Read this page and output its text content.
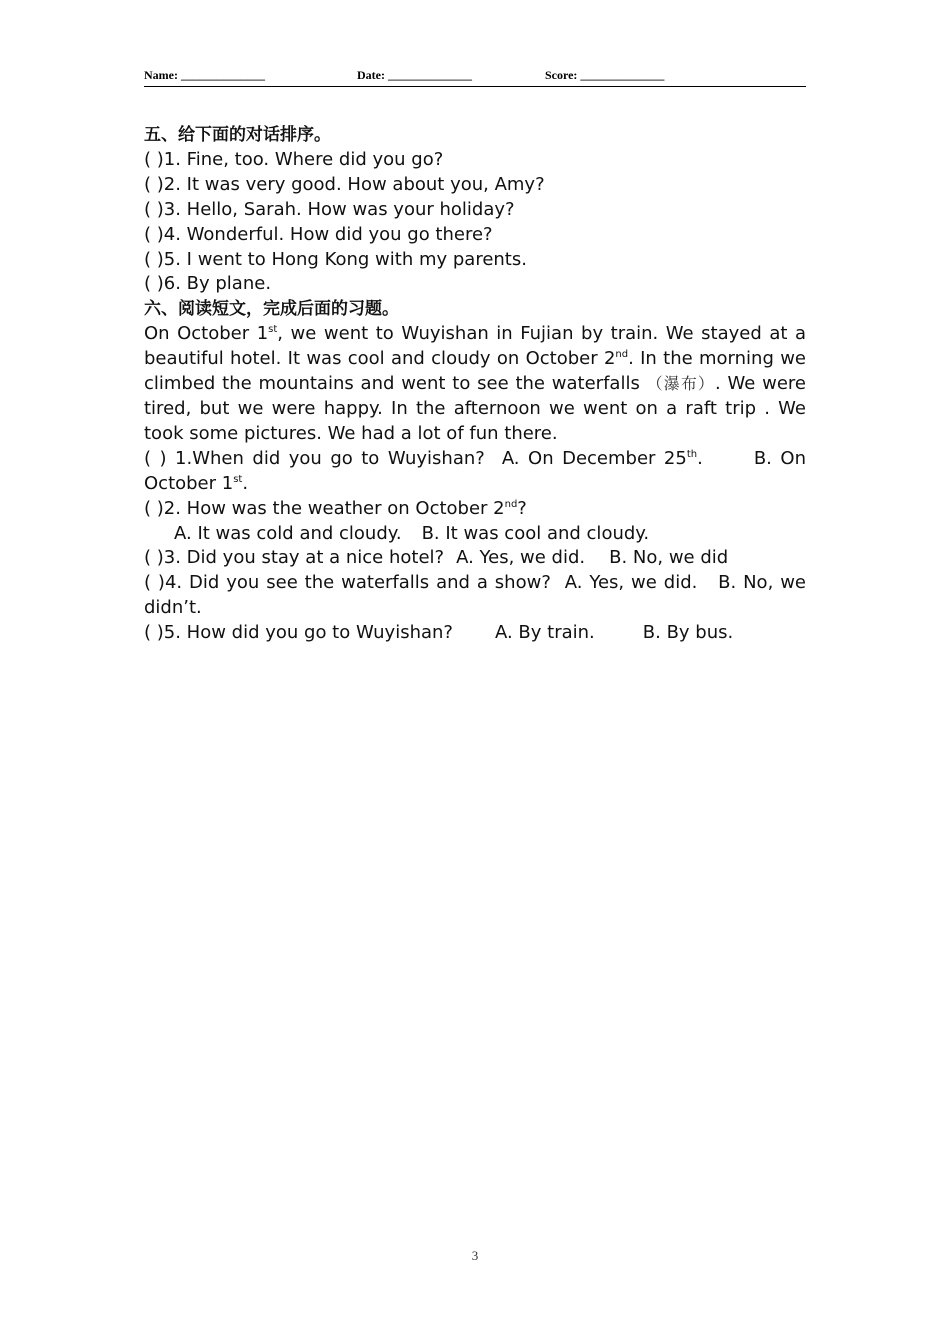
Name: ______________	Date: ______________	Score: ______________
五、给下面的对话排序。
( )1. Fine, too. Where did you go?
( )2. It was very good. How about you, Amy?
( )3. Hello, Sarah. How was your holiday?
( )4. Wonderful. How did you go there?
( )5. I went to Hong Kong with my parents.
( )6. By plane.
六、阅读短文，完成后面的习题。
On October 1st, we went to Wuyishan in Fujian by train. We stayed at a beautiful hotel. It was cool and cloudy on October 2nd. In the morning we climbed the mountains and went to see the waterfalls （瀑布）. We were tired, but we were happy. In the afternoon we went on a raft trip . We took some pictures. We had a lot of fun there.
( ) 1.When did you go to Wuyishan? A. On December 25th.	B. On October 1st.
( )2. How was the weather on October 2nd?
A. It was cold and cloudy. B. It was cool and cloudy.
( )3. Did you stay at a nice hotel? A. Yes, we did. B. No, we did
( )4. Did you see the waterfalls and a show? A. Yes, we did. B. No, we didn’t.
( )5. How did you go to Wuyishan? A. By train.	B. By bus.
3
